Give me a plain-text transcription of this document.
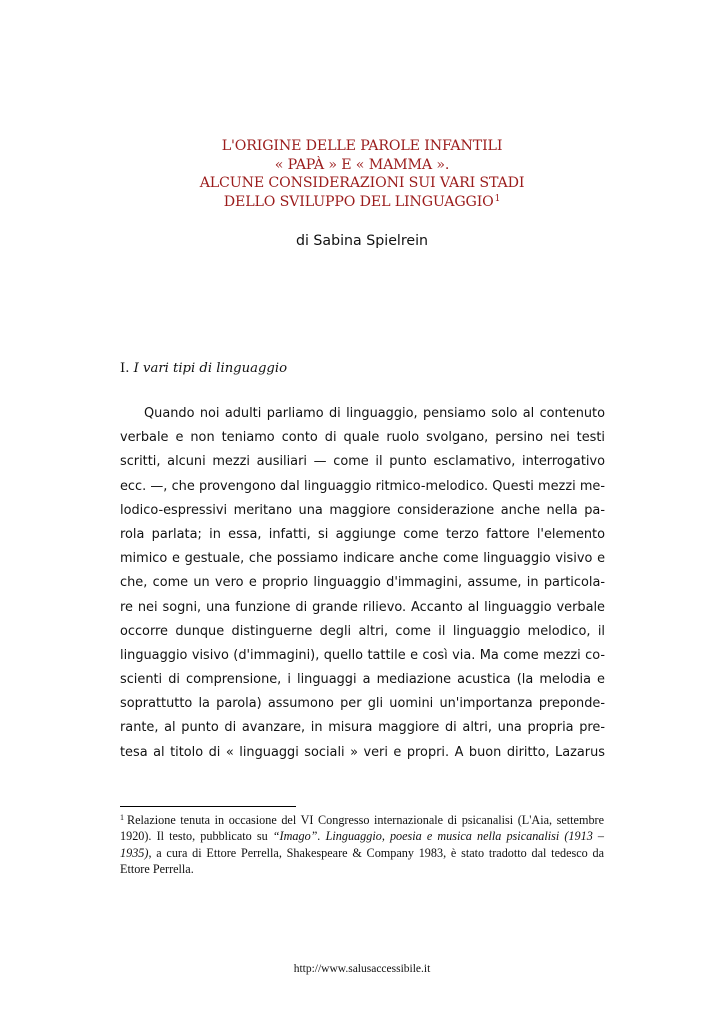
L'ORIGINE DELLE PAROLE INFANTILI
« PAPÀ » E « MAMMA ».
ALCUNE CONSIDERAZIONI SUI VARI STADI
DELLO SVILUPPO DEL LINGUAGGIO$^1$
di Sabina Spielrein
I. I vari tipi di linguaggio
Quando noi adulti parliamo di linguaggio, pensiamo solo al contenuto
verbale e non teniamo conto di quale ruolo svolgano, persino nei testi
scritti, alcuni mezzi ausiliari — come il punto esclamativo, interrogativo
ecc. —, che provengono dal linguaggio ritmico-melodico. Questi mezzi me-
lodico-espressivi meritano una maggiore considerazione anche nella pa-
rola parlata; in essa, infatti, si aggiunge come terzo fattore l'elemento
mimico e gestuale, che possiamo indicare anche come linguaggio visivo e
che, come un vero e proprio linguaggio d'immagini, assume, in particola-
re nei sogni, una funzione di grande rilievo. Accanto al linguaggio verbale
occorre dunque distinguerne degli altri, come il linguaggio melodico, il
linguaggio visivo (d'immagini), quello tattile e così via. Ma come mezzi co-
scienti di comprensione, i linguaggi a mediazione acustica (la melodia e
soprattutto la parola) assumono per gli uomini un'importanza preponde-
rante, al punto di avanzare, in misura maggiore di altri, una propria pre-
tesa al titolo di « linguaggi sociali » veri e propri. A buon diritto, Lazarus
$^1$ Relazione tenuta in occasione del VI Congresso internazionale di psicanalisi (L'Aia, settembre 1920). Il testo, pubblicato su “Imago”. Linguaggio, poesia e musica nella psicanalisi (1913 – 1935), a cura di Ettore Perrella, Shakespeare & Company 1983, è stato tradotto dal tedesco da Ettore Perrella.
http://www.salusaccessibile.it
